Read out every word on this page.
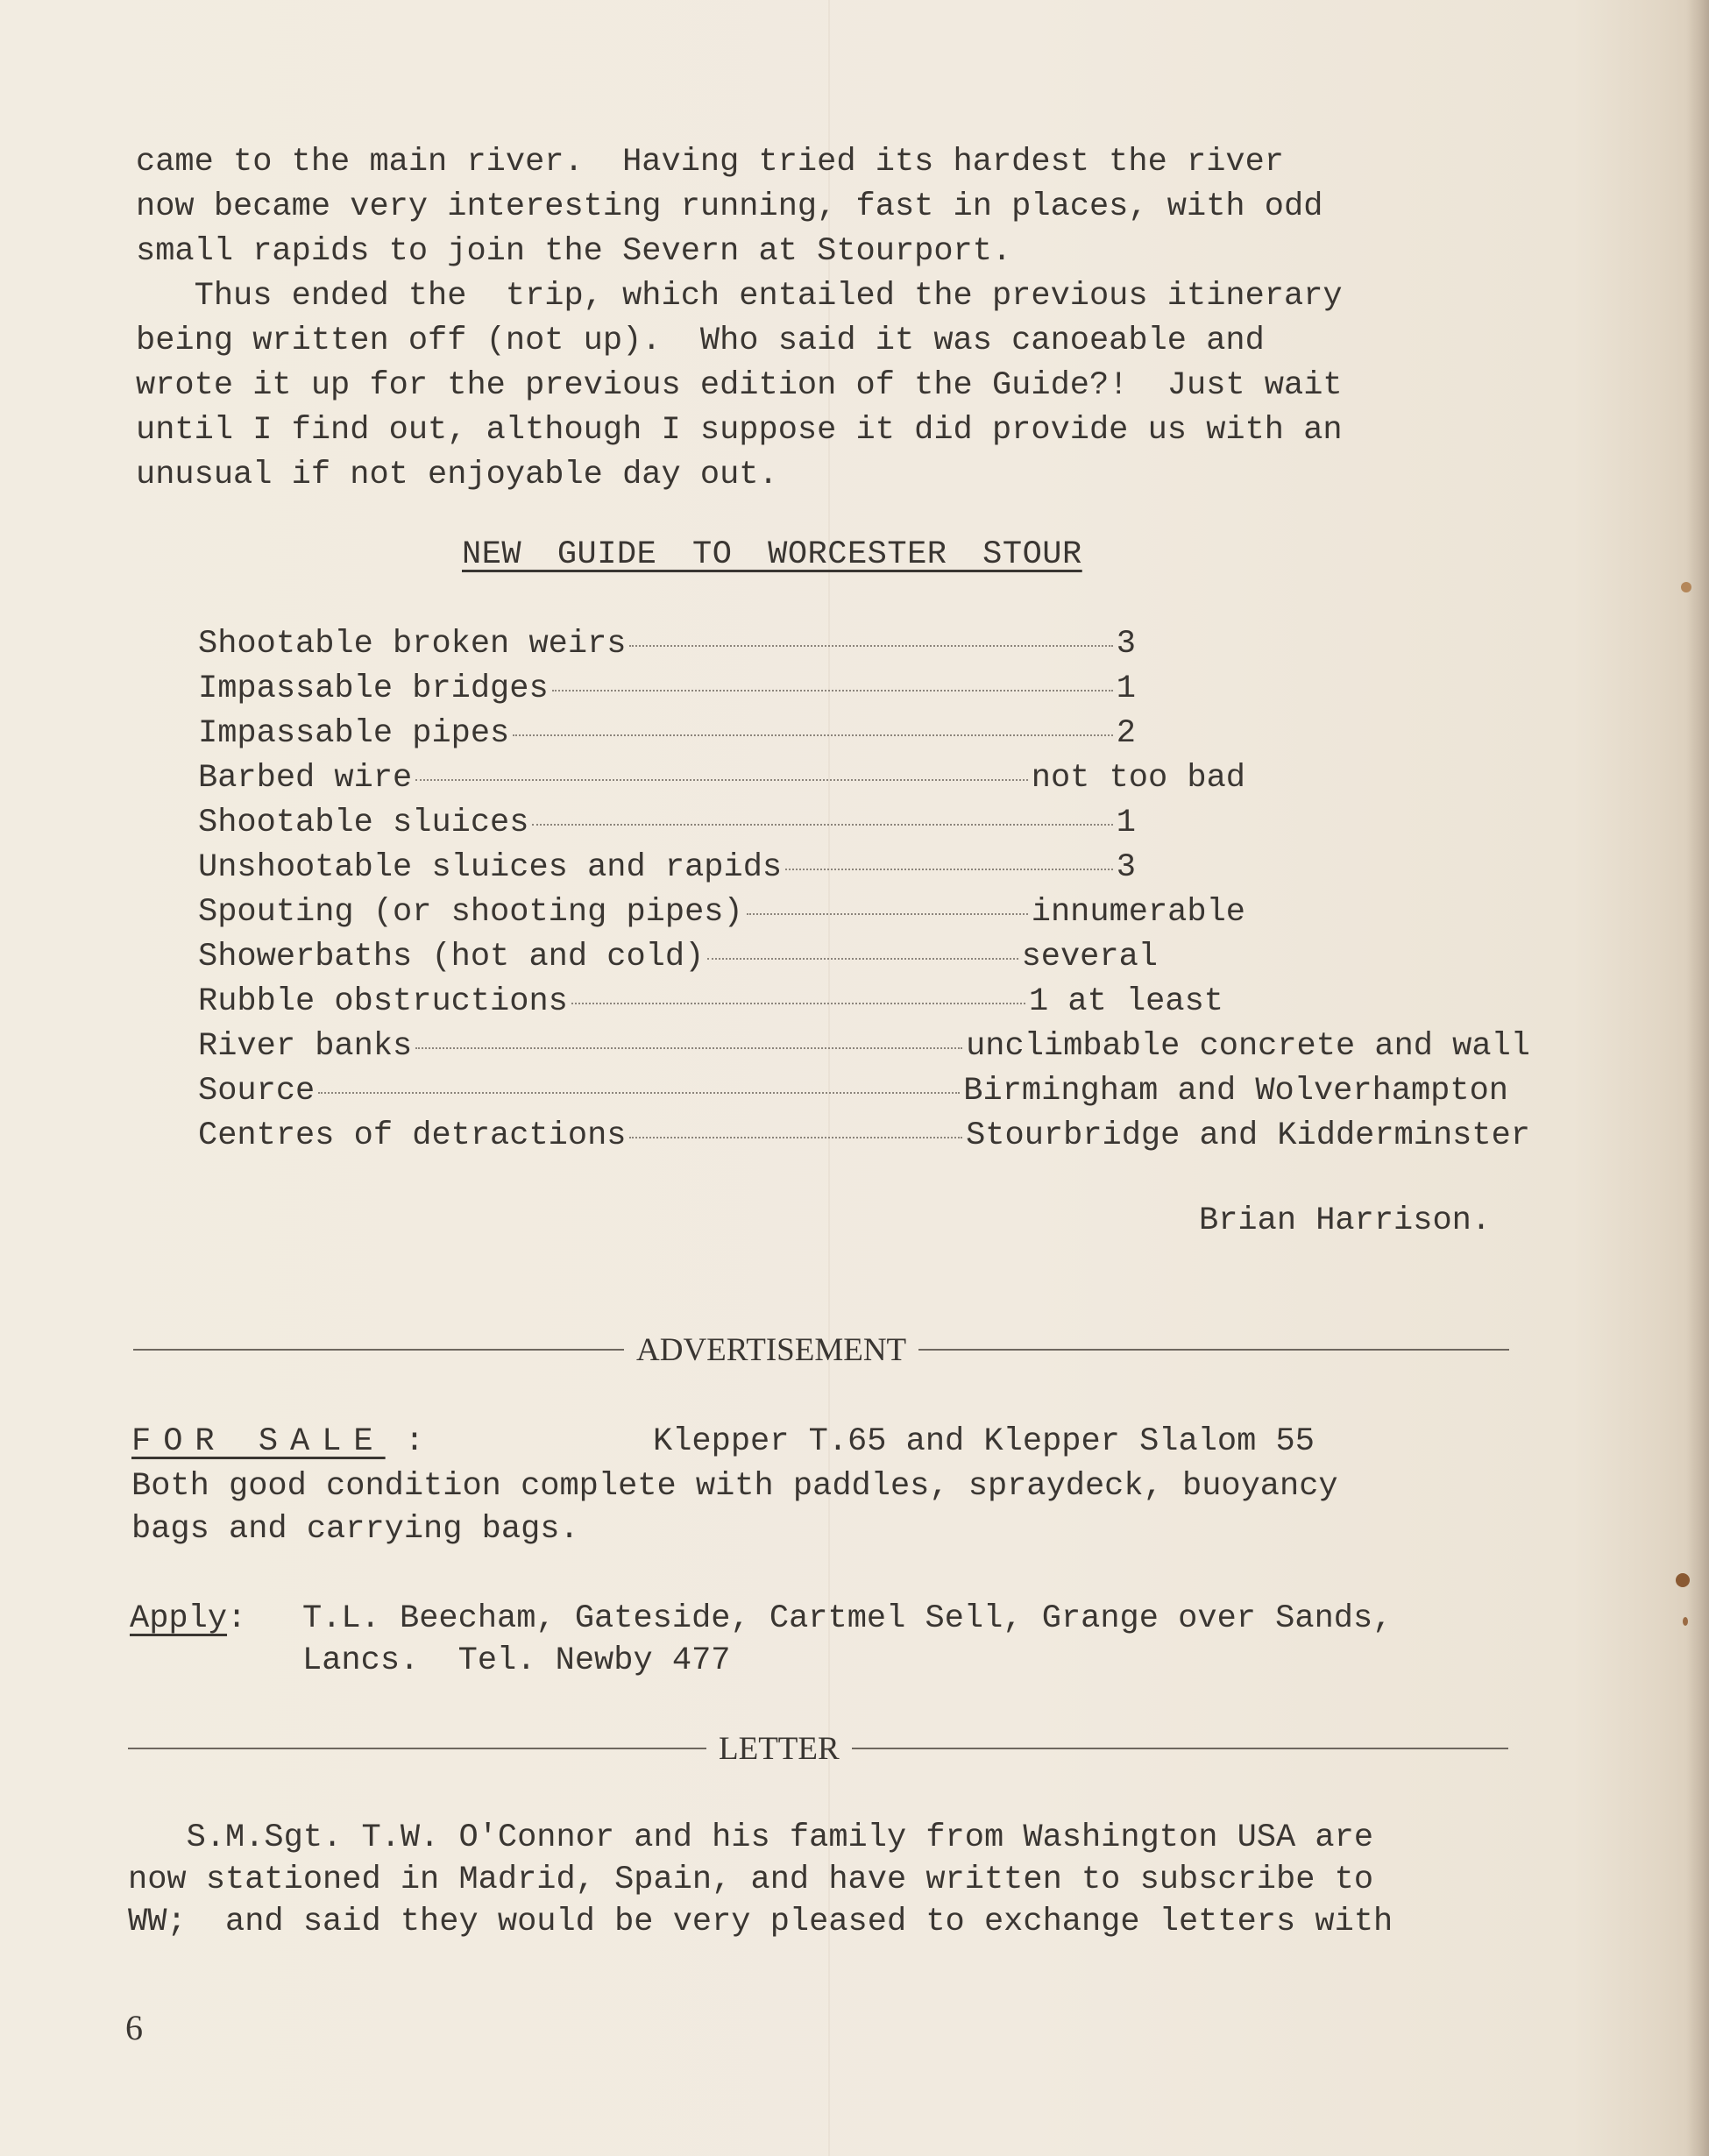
came to the main river.  Having tried its hardest the river
now became very interesting running, fast in places, with odd
small rapids to join the Severn at Stourport.
Thus ended the  trip, which entailed the previous itinerary
being written off (not up).  Who said it was canoeable and
wrote it up for the previous edition of the Guide?!  Just wait
until I find out, although I suppose it did provide us with an
unusual if not enjoyable day out.
NEW GUIDE TO WORCESTER STOUR
Shootable broken weirs	3
Impassable bridges	1
Impassable pipes	2
Barbed wire	not too bad
Shootable sluices	1
Unshootable sluices and rapids	3
Spouting (or shooting pipes)	innumerable
Showerbaths (hot and cold)	several
Rubble obstructions	1 at least
River banks	unclimbable concrete and wall
Source	Birmingham and Wolverhampton
Centres of detractions	Stourbridge and Kidderminster
Brian Harrison.
ADVERTISEMENT
FOR SALE :	Klepper T.65 and Klepper Slalom 55
Both good condition complete with paddles, spraydeck, buoyancy
bags and carrying bags.
Apply: T.L. Beecham, Gateside, Cartmel Sell, Grange over Sands,
Lancs.  Tel. Newby 477
LETTER
S.M.Sgt. T.W. O'Connor and his family from Washington USA are
now stationed in Madrid, Spain, and have written to subscribe to
WW;  and said they would be very pleased to exchange letters with
6
